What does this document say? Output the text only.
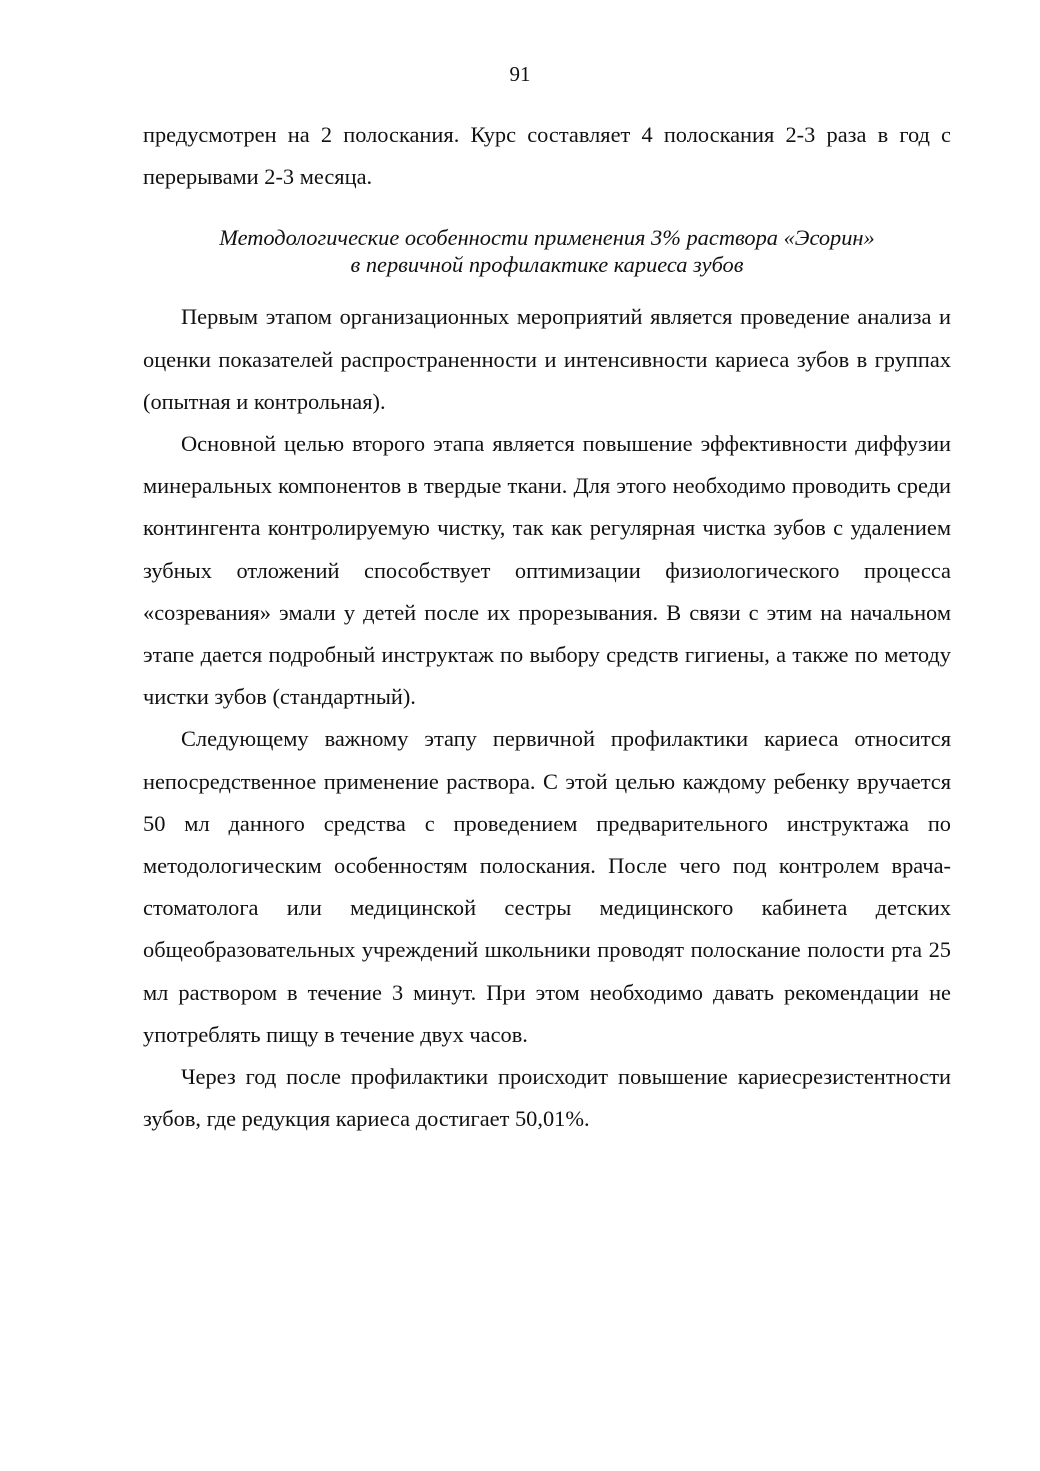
91

предусмотрен на 2 полоскания. Курс составляет 4 полоскания 2-3 раза в год с перерывами 2-3 месяца.

Методологические особенности применения 3% раствора «Эсорин»
в первичной профилактике кариеса зубов

Первым этапом организационных мероприятий является проведение анализа и оценки показателей распространенности и интенсивности кариеса зубов в группах (опытная и контрольная).

Основной целью второго этапа является повышение эффективности диффузии минеральных компонентов в твердые ткани. Для этого необходимо проводить среди контингента контролируемую чистку, так как регулярная чистка зубов с удалением зубных отложений способствует оптимизации физиологического процесса «созревания» эмали у детей после их прорезывания. В связи с этим на начальном этапе дается подробный инструктаж по выбору средств гигиены, а также по методу чистки зубов (стандартный).

Следующему важному этапу первичной профилактики кариеса относится непосредственное применение раствора. С этой целью каждому ребенку вручается 50 мл данного средства с проведением предварительного инструктажа по методологическим особенностям полоскания. После чего под контролем врача-стоматолога или медицинской сестры медицинского кабинета детских общеобразовательных учреждений школьники проводят полоскание полости рта 25 мл раствором в течение 3 минут. При этом необходимо давать рекомендации не употреблять пищу в течение двух часов.

Через год после профилактики происходит повышение кариесрезистентности зубов, где редукция кариеса достигает 50,01%.
